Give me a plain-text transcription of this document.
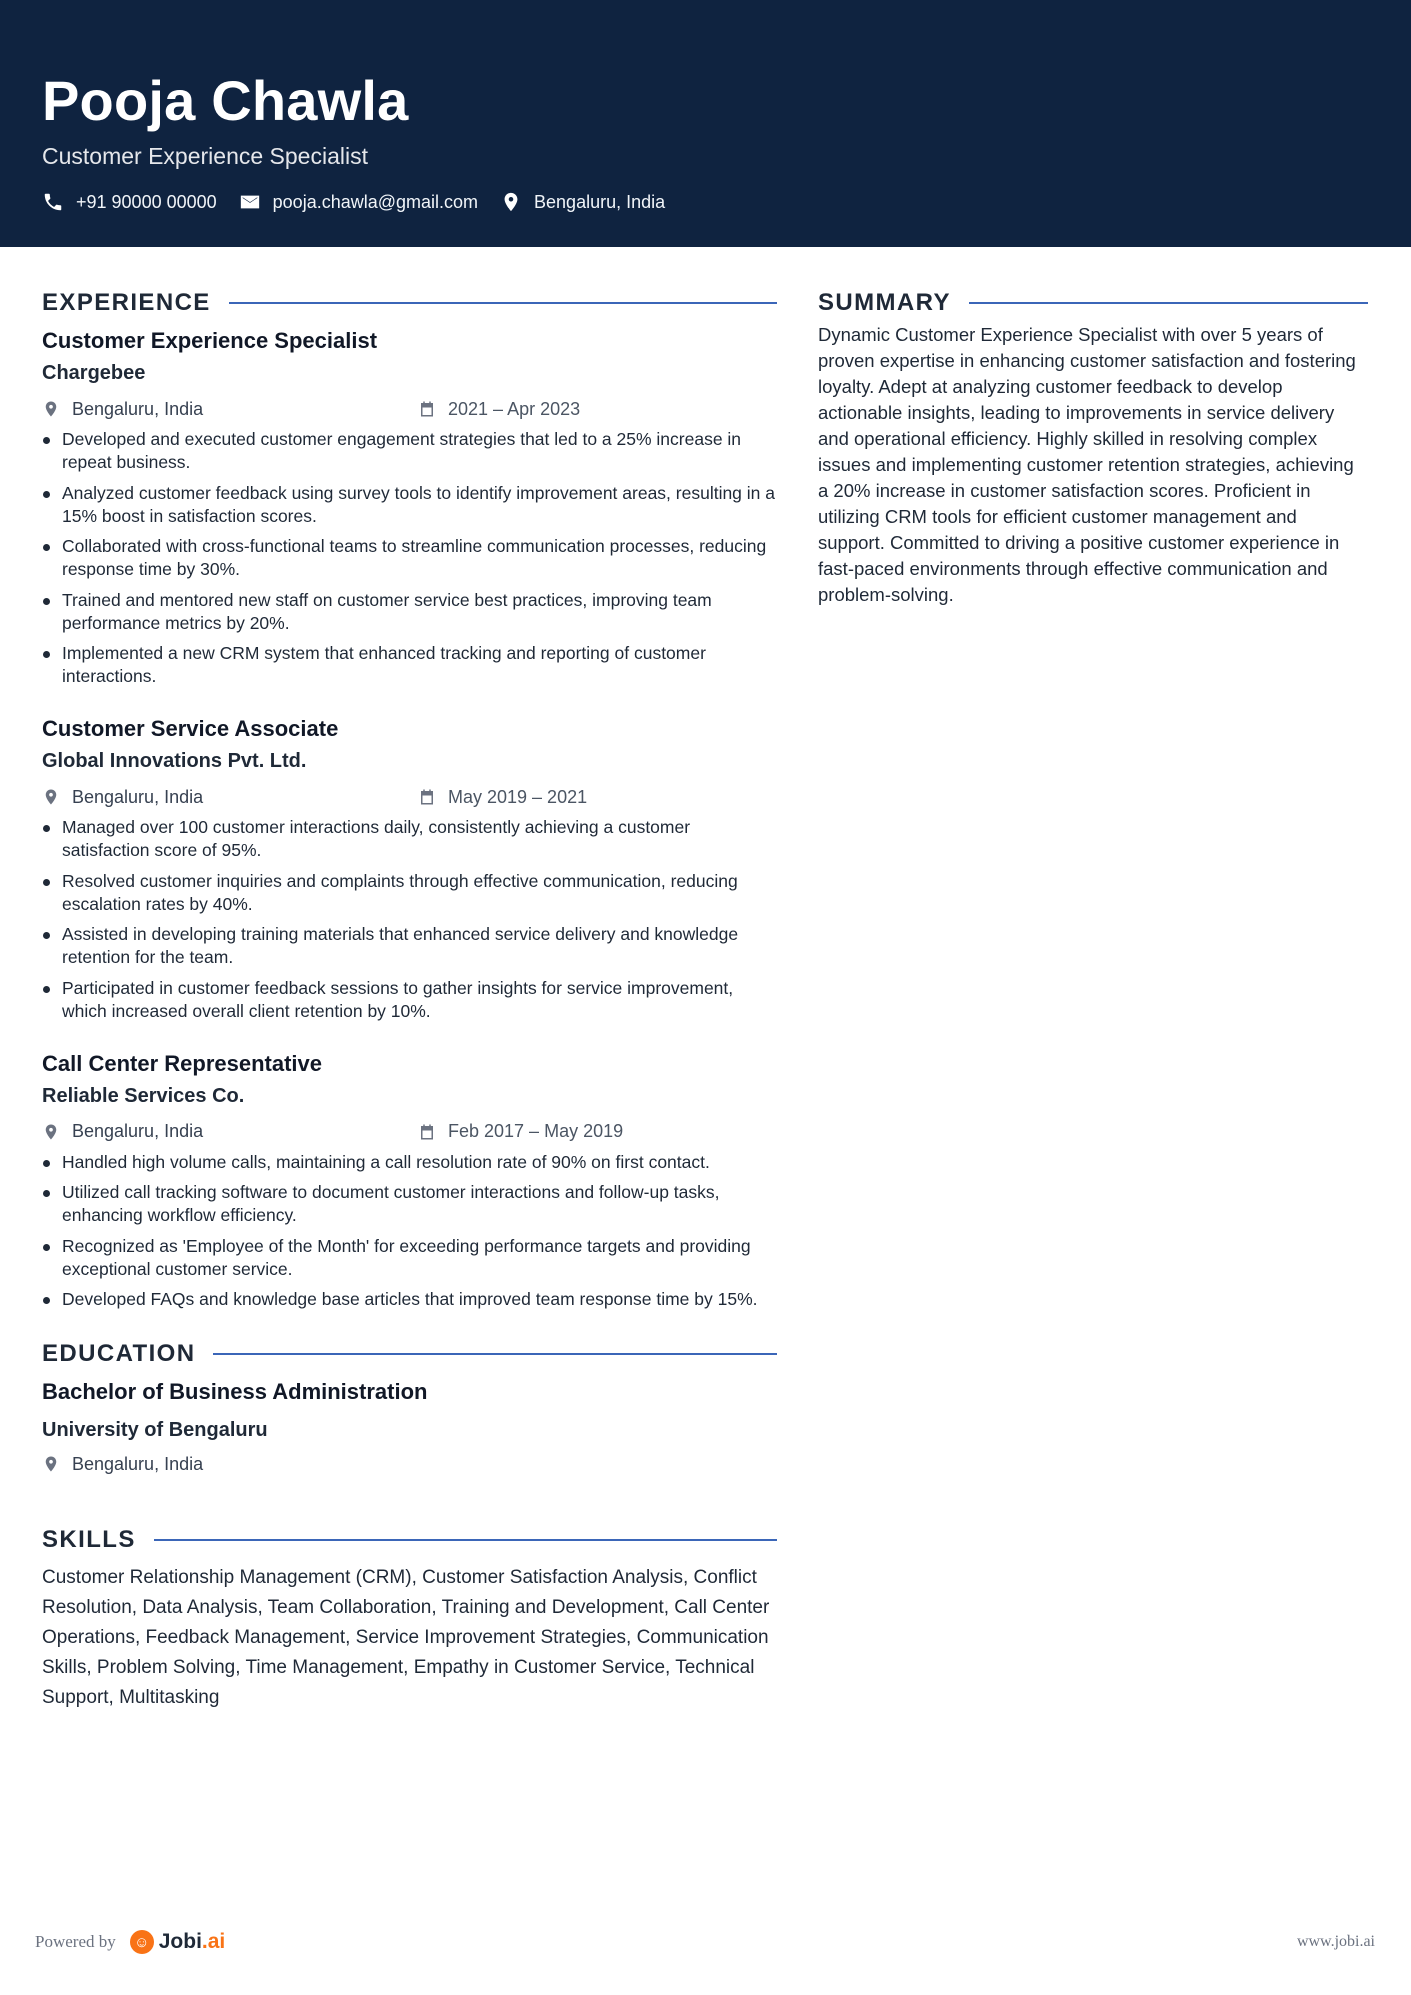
Pooja Chawla
Customer Experience Specialist
+91 90000 00000	pooja.chawla@gmail.com	Bengaluru, India
EXPERIENCE
Customer Experience Specialist
Chargebee
Bengaluru, India	2021 – Apr 2023
Developed and executed customer engagement strategies that led to a 25% increase in repeat business.
Analyzed customer feedback using survey tools to identify improvement areas, resulting in a 15% boost in satisfaction scores.
Collaborated with cross-functional teams to streamline communication processes, reducing response time by 30%.
Trained and mentored new staff on customer service best practices, improving team performance metrics by 20%.
Implemented a new CRM system that enhanced tracking and reporting of customer interactions.
Customer Service Associate
Global Innovations Pvt. Ltd.
Bengaluru, India	May 2019 – 2021
Managed over 100 customer interactions daily, consistently achieving a customer satisfaction score of 95%.
Resolved customer inquiries and complaints through effective communication, reducing escalation rates by 40%.
Assisted in developing training materials that enhanced service delivery and knowledge retention for the team.
Participated in customer feedback sessions to gather insights for service improvement, which increased overall client retention by 10%.
Call Center Representative
Reliable Services Co.
Bengaluru, India	Feb 2017 – May 2019
Handled high volume calls, maintaining a call resolution rate of 90% on first contact.
Utilized call tracking software to document customer interactions and follow-up tasks, enhancing workflow efficiency.
Recognized as 'Employee of the Month' for exceeding performance targets and providing exceptional customer service.
Developed FAQs and knowledge base articles that improved team response time by 15%.
EDUCATION
Bachelor of Business Administration
University of Bengaluru
Bengaluru, India
SKILLS
Customer Relationship Management (CRM), Customer Satisfaction Analysis, Conflict Resolution, Data Analysis, Team Collaboration, Training and Development, Call Center Operations, Feedback Management, Service Improvement Strategies, Communication Skills, Problem Solving, Time Management, Empathy in Customer Service, Technical Support, Multitasking
SUMMARY
Dynamic Customer Experience Specialist with over 5 years of proven expertise in enhancing customer satisfaction and fostering loyalty. Adept at analyzing customer feedback to develop actionable insights, leading to improvements in service delivery and operational efficiency. Highly skilled in resolving complex issues and implementing customer retention strategies, achieving a 20% increase in customer satisfaction scores. Proficient in utilizing CRM tools for efficient customer management and support. Committed to driving a positive customer experience in fast-paced environments through effective communication and problem-solving.
Powered by ☺ Jobi .ai	www.jobi.ai
